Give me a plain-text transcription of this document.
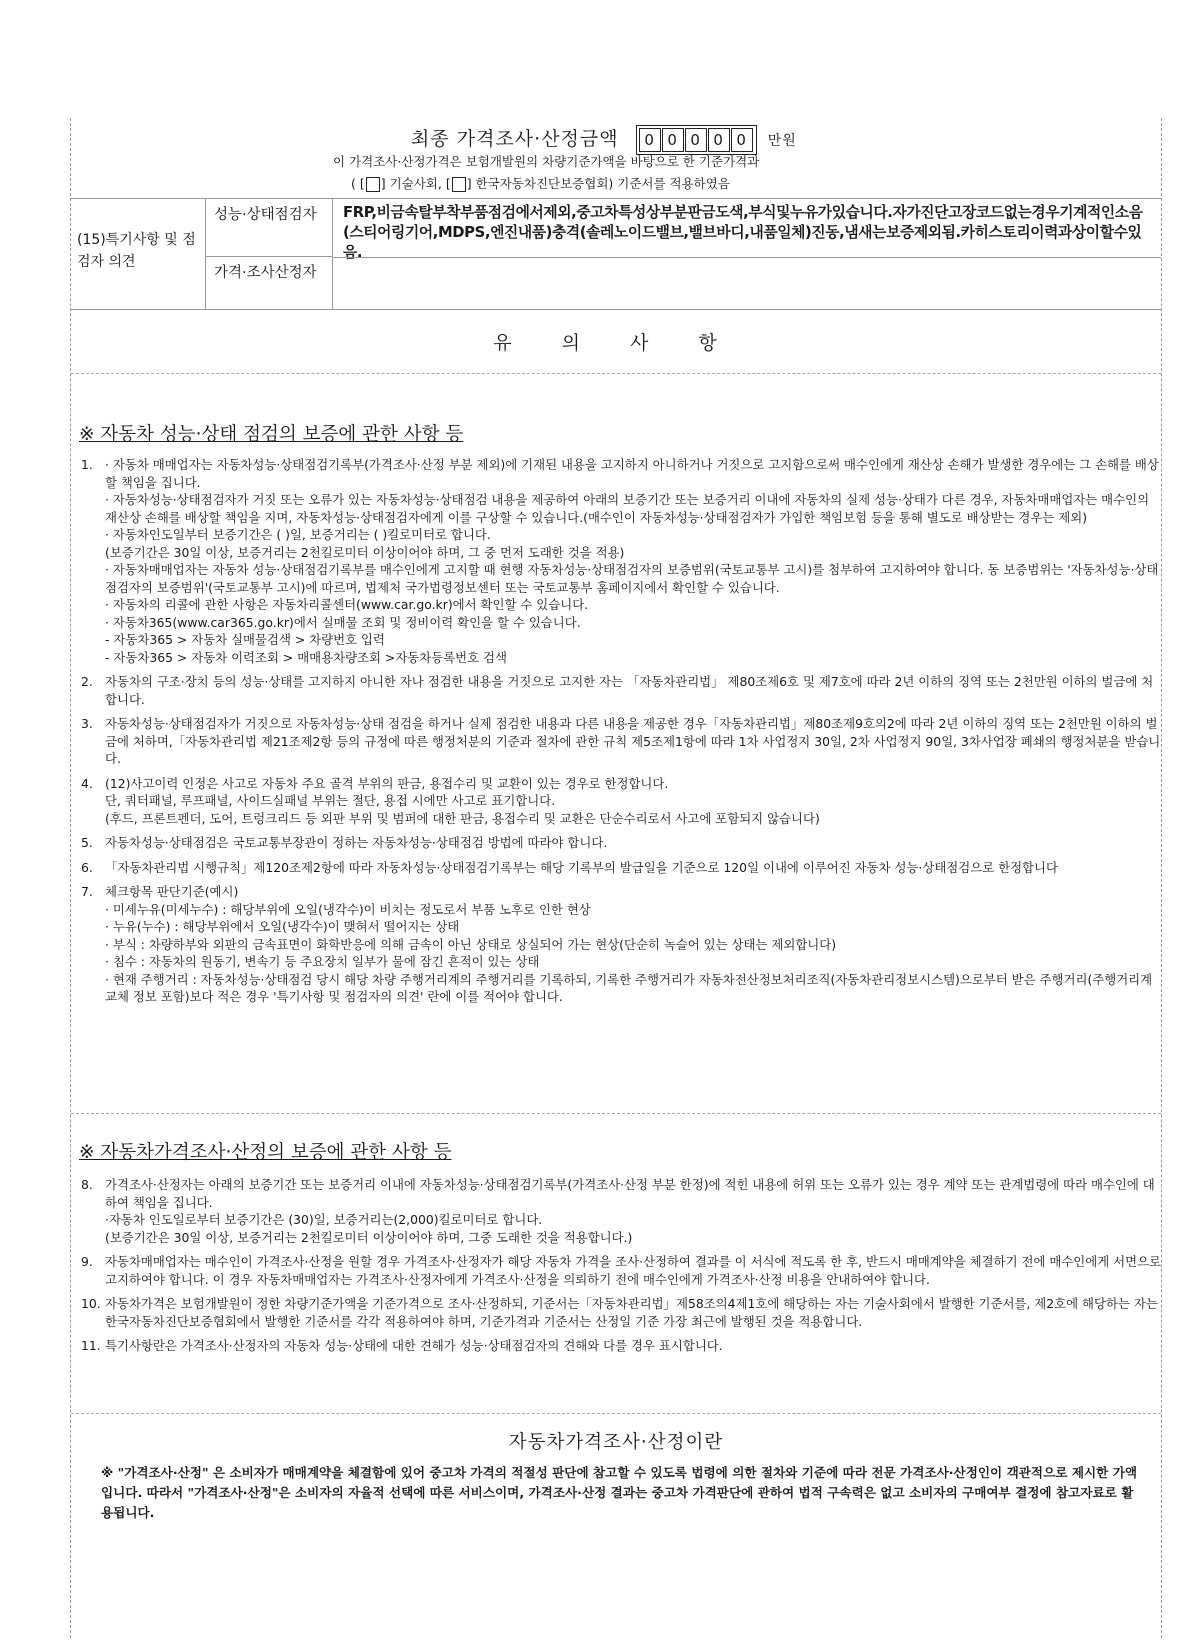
최종 가격조사·산정금액	0 0 0 0 0	만원
이 가격조사·산정가격은 보험개발원의 차량기준가액을 바탕으로 한 기준가격과
( [ ] 기술사회, [ ] 한국자동차진단보증협회) 기준서를 적용하였음
(15)특기사항 및 점검자 의견
성능·상태점검자
가격·조사산정자
FRP,비금속탈부착부품점검에서제외,중고차특성상부분판금도색,부식및누유가있습니다.자가진단고장코드없는경우기계적인소음(스티어링기어,MDPS,엔진내품)충격(솔레노이드밸브,밸브바디,내품일체)진동,냄새는보증제외됨.카히스토리이력과상이할수있음.
유 의 사 항
※ 자동차 성능·상태 점검의 보증에 관한 사항 등
1. · 자동차 매매업자는 자동차성능·상태점검기록부(가격조사·산정 부분 제외)에 기재된 내용을 고지하지 아니하거나 거짓으로 고지함으로써 매수인에게 재산상 손해가 발생한 경우에는 그 손해를 배상할 책임을 집니다.

· 자동차성능·상태점검자가 거짓 또는 오류가 있는 자동차성능·상태점검 내용을 제공하여 아래의 보증기간 또는 보증거리 이내에 자동차의 실제 성능·상태가 다른 경우, 자동차매매업자는 매수인의 재산상 손해를 배상할 책임을 지며, 자동차성능·상태점검자에게 이를 구상할 수 있습니다.(매수인이 자동차성능·상태점검자가 가입한 책임보험 등을 통해 별도로 배상받는 경우는 제외)

· 자동차인도일부터 보증기간은 ( )일, 보증거리는 ( )킬로미터로 합니다.

(보증기간은 30일 이상, 보증거리는 2천킬로미터 이상이어야 하며, 그 중 먼저 도래한 것을 적용)

· 자동차매매업자는 자동차 성능·상태점검기록부를 매수인에게 고지할 때 현행 자동차성능·상태점검자의 보증범위(국토교통부 고시)를 첨부하여 고지하여야 합니다. 동 보증범위는 '자동차성능·상태점검자의 보증범위'(국토교통부 고시)에 따르며, 법제처 국가법령정보센터 또는 국토교통부 홈페이지에서 확인할 수 있습니다.

· 자동차의 리콜에 관한 사항은 자동차리콜센터(www.car.go.kr)에서 확인할 수 있습니다.

· 자동차365(www.car365.go.kr)에서 실매물 조회 및 정비이력 확인을 할 수 있습니다.

- 자동차365 > 자동차 실매물검색 > 차량번호 입력

- 자동차365 > 자동차 이력조회 > 매매용차량조회 >자동차등록번호 검색

2. 자동차의 구조·장치 등의 성능·상태를 고지하지 아니한 자나 점검한 내용을 거짓으로 고지한 자는 「자동차관리법」 제80조제6호 및 제7호에 따라 2년 이하의 징역 또는 2천만원 이하의 벌금에 처합니다.

3. 자동차성능·상태점검자가 거짓으로 자동차성능·상태 점검을 하거나 실제 점검한 내용과 다른 내용을 제공한 경우「자동차관리법」제80조제9호의2에 따라 2년 이하의 징역 또는 2천만원 이하의 벌금에 처하며,「자동차관리법 제21조제2항 등의 규정에 따른 행정처분의 기준과 절차에 관한 규칙 제5조제1항에 따라 1차 사업정지 30일, 2차 사업정지 90일, 3차사업장 폐쇄의 행정처분을 받습니다.

4. (12)사고이력 인정은 사고로 자동차 주요 골격 부위의 판금, 용접수리 및 교환이 있는 경우로 한정합니다.

단, 쿼터패널, 루프패널, 사이드실패널 부위는 절단, 용접 시에만 사고로 표기합니다.

(후드, 프론트펜더, 도어, 트렁크리드 등 외판 부위 및 범퍼에 대한 판금, 용접수리 및 교환은 단순수리로서 사고에 포함되지 않습니다)

5. 자동차성능·상태점검은 국토교통부장관이 정하는 자동차성능·상태점검 방법에 따라야 합니다.

6. 「자동차관리법 시행규칙」제120조제2항에 따라 자동차성능·상태점검기록부는 해당 기록부의 발급일을 기준으로 120일 이내에 이루어진 자동차 성능·상태점검으로 한정합니다

7. 체크항목 판단기준(예시)

· 미세누유(미세누수) : 해당부위에 오일(냉각수)이 비치는 정도로서 부품 노후로 인한 현상

· 누유(누수) : 해당부위에서 오일(냉각수)이 맺혀서 떨어지는 상태

· 부식 : 차량하부와 외판의 금속표면이 화학반응에 의해 금속이 아닌 상태로 상실되어 가는 현상(단순히 녹슬어 있는 상태는 제외합니다)

· 침수 : 자동차의 원동기, 변속기 등 주요장치 일부가 물에 잠긴 흔적이 있는 상태

· 현재 주행거리 : 자동차성능·상태점검 당시 해당 차량 주행거리계의 주행거리를 기록하되, 기록한 주행거리가 자동차전산정보처리조직(자동차관리정보시스템)으로부터 받은 주행거리(주행거리계 교체 정보 포함)보다 적은 경우 '특기사항 및 점검자의 의견' 란에 이를 적어야 합니다.

※ 자동차가격조사·산정의 보증에 관한 사항 등
8. 가격조사·산정자는 아래의 보증기간 또는 보증거리 이내에 자동차성능·상태점검기록부(가격조사·산정 부분 한정)에 적힌 내용에 허위 또는 오류가 있는 경우 계약 또는 관계법령에 따라 매수인에 대하여 책임을 집니다.

·자동차 인도일로부터 보증기간은 (30)일, 보증거리는(2,000)킬로미터로 합니다.

(보증기간은 30일 이상, 보증거리는 2천킬로미터 이상이어야 하며, 그중 도래한 것을 적용합니다.)

9. 자동차매매업자는 매수인이 가격조사·산정을 원할 경우 가격조사·산정자가 해당 자동차 가격을 조사·산정하여 결과를 이 서식에 적도록 한 후, 반드시 매매계약을 체결하기 전에 매수인에게 서면으로 고지하여야 합니다. 이 경우 자동차매매업자는 가격조사·산정자에게 가격조사·산정을 의뢰하기 전에 매수인에게 가격조사·산정 비용을 안내하여야 합니다.

10. 자동차가격은 보험개발원이 정한 차량기준가액을 기준가격으로 조사·산정하되, 기준서는「자동차관리법」제58조의4제1호에 해당하는 자는 기술사회에서 발행한 기준서를, 제2호에 해당하는 자는 한국자동차진단보증협회에서 발행한 기준서를 각각 적용하여야 하며, 기준가격과 기준서는 산정일 기준 가장 최근에 발행된 것을 적용합니다.

11. 특기사항란은 가격조사·산정자의 자동차 성능·상태에 대한 견해가 성능·상태점검자의 견해와 다를 경우 표시합니다.

자동차가격조사·산정이란
※ "가격조사·산정" 은 소비자가 매매계약을 체결함에 있어 중고차 가격의 적절성 판단에 참고할 수 있도록 법령에 의한 절차와 기준에 따라 전문 가격조사·산정인이 객관적으로 제시한 가액입니다. 따라서 "가격조사·산정"은 소비자의 자율적 선택에 따른 서비스이며, 가격조사·산정 결과는 중고차 가격판단에 관하여 법적 구속력은 없고 소비자의 구매여부 결정에 참고자료로 활용됩니다.
